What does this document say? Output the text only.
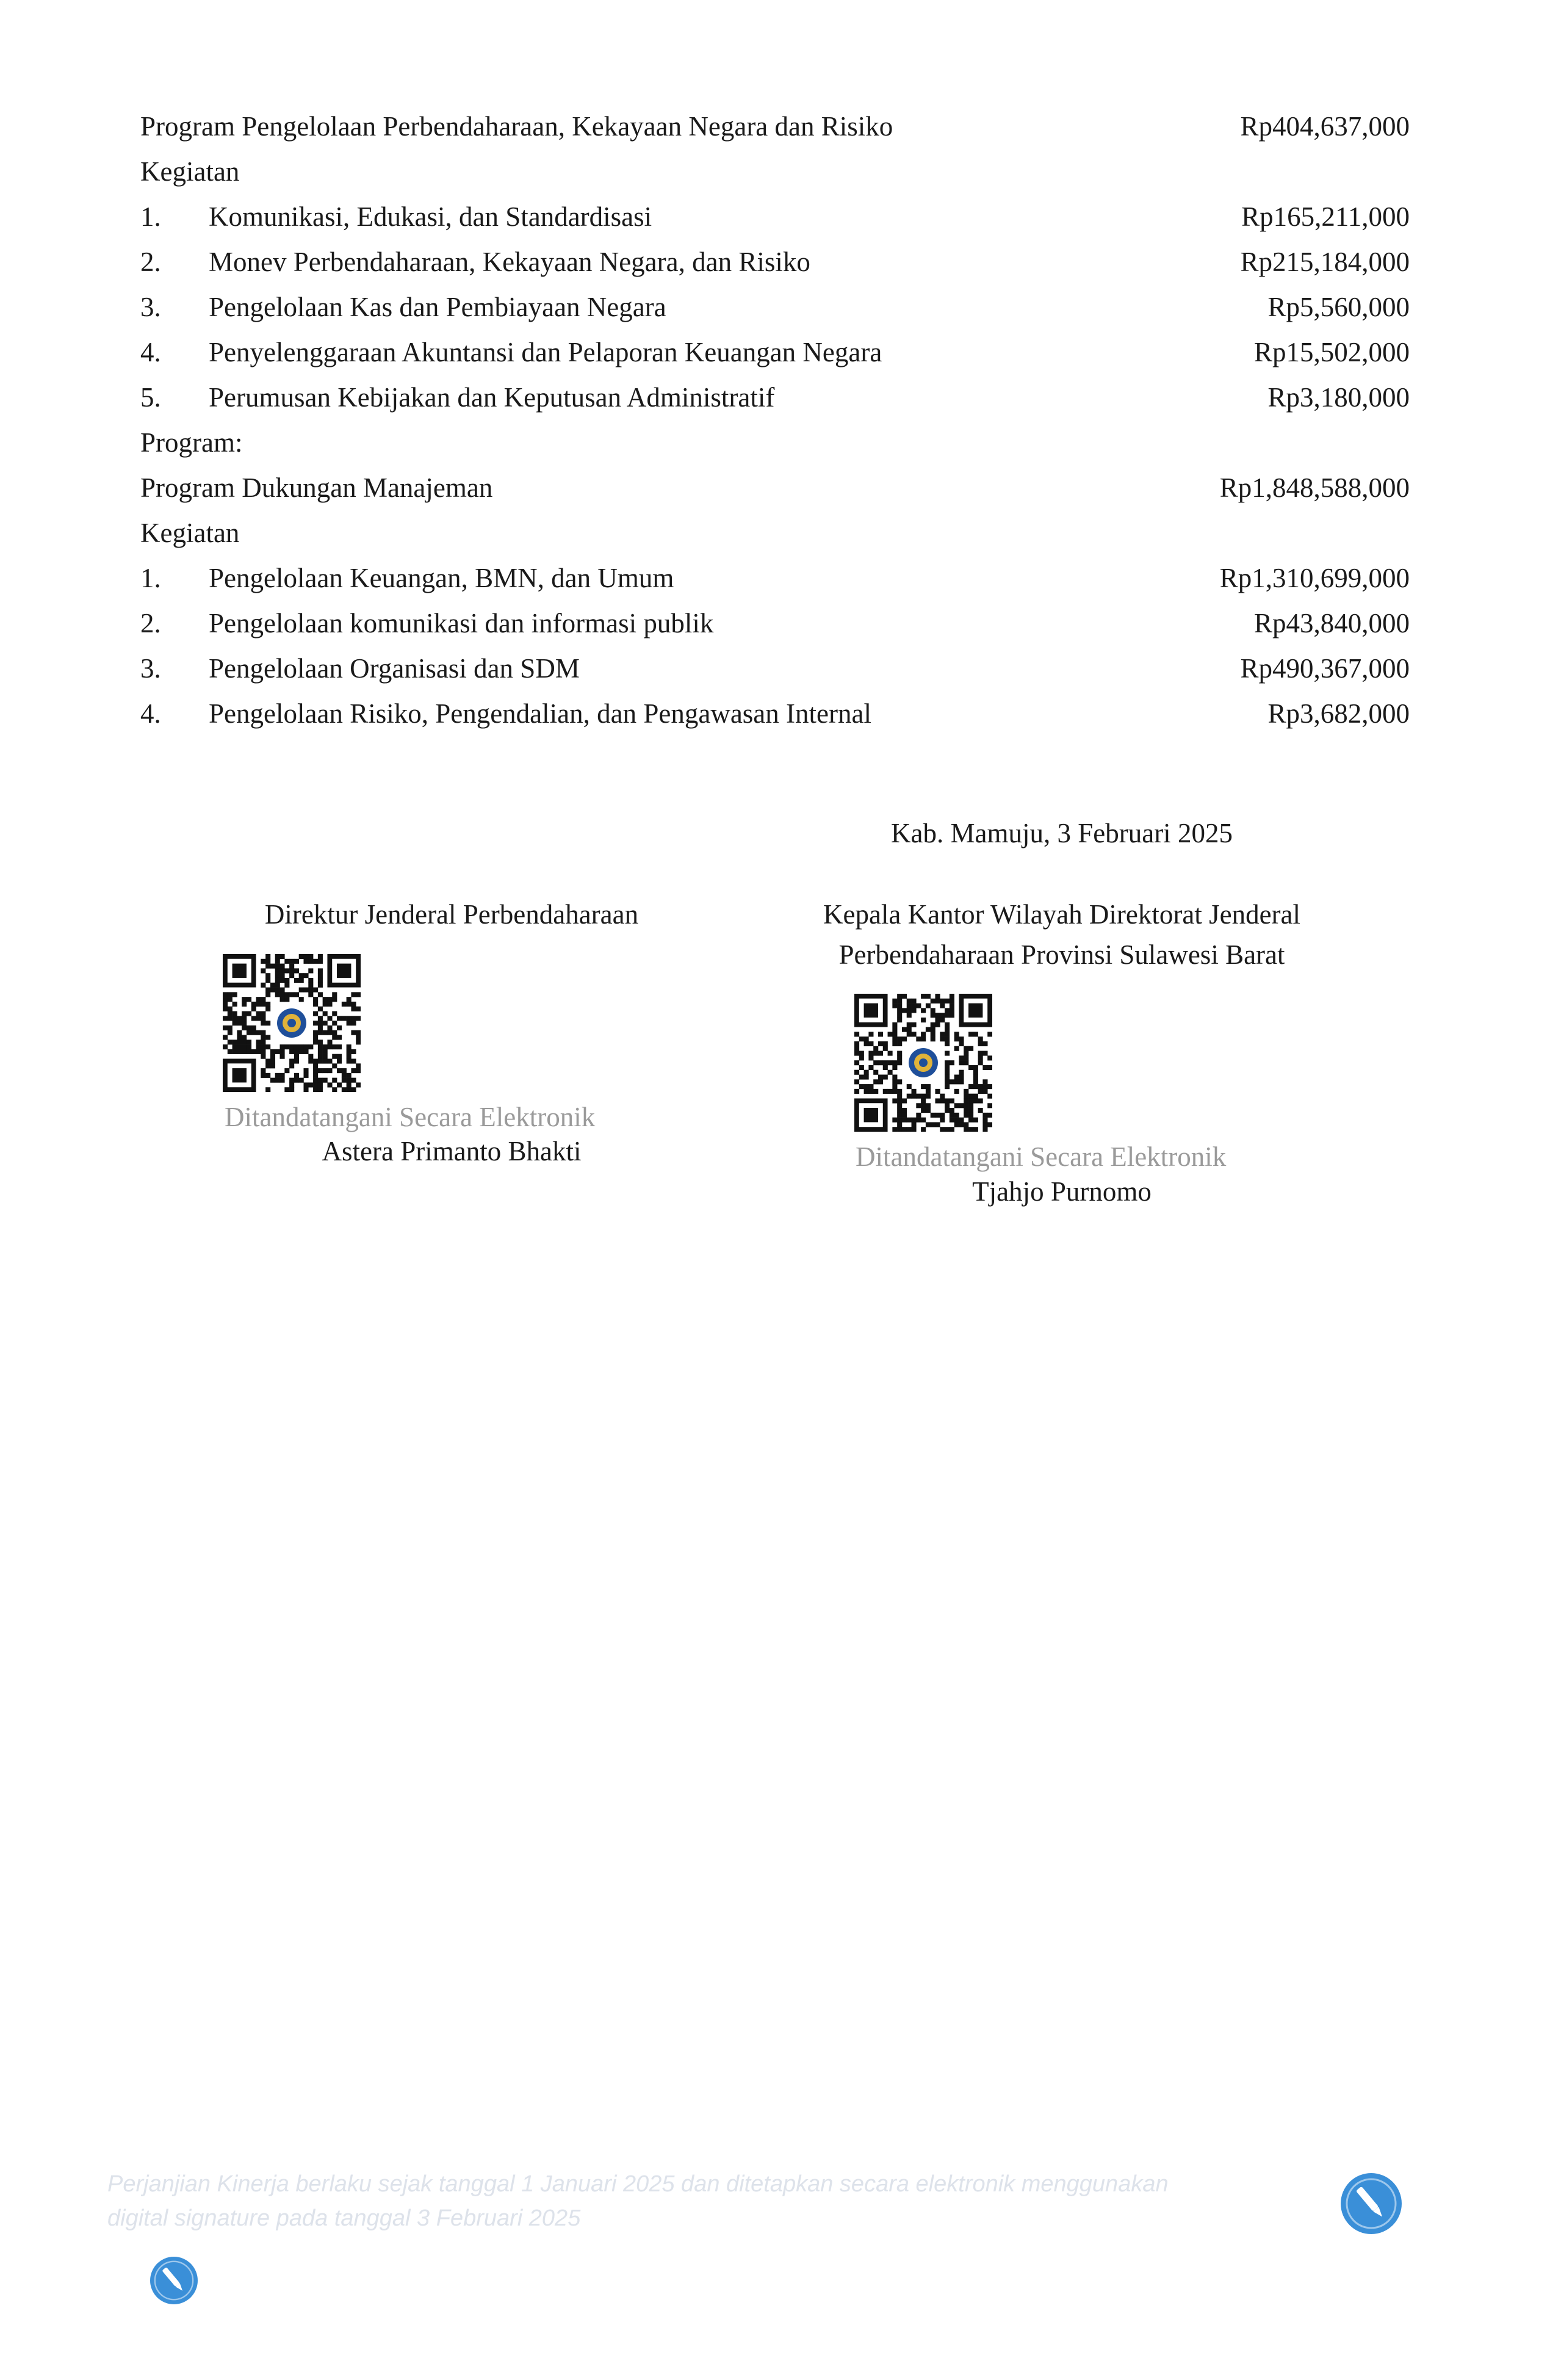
Program Pengelolaan Perbendaharaan, Kekayaan Negara dan Risiko	Rp404,637,000
Kegiatan
1.	Komunikasi, Edukasi, dan Standardisasi	Rp165,211,000
2.	Monev Perbendaharaan, Kekayaan Negara, dan Risiko	Rp215,184,000
3.	Pengelolaan Kas dan Pembiayaan Negara	Rp5,560,000
4.	Penyelenggaraan Akuntansi dan Pelaporan Keuangan Negara	Rp15,502,000
5.	Perumusan Kebijakan dan Keputusan Administratif	Rp3,180,000
Program:
Program Dukungan Manajeman	Rp1,848,588,000
Kegiatan
1.	Pengelolaan Keuangan, BMN, dan Umum	Rp1,310,699,000
2.	Pengelolaan komunikasi dan informasi publik	Rp43,840,000
3.	Pengelolaan Organisasi dan SDM	Rp490,367,000
4.	Pengelolaan Risiko, Pengendalian, dan Pengawasan Internal	Rp3,682,000
Kab. Mamuju, 3 Februari 2025
Direktur Jenderal Perbendaharaan
Ditandatangani Secara Elektronik
Astera Primanto Bhakti
Kepala Kantor Wilayah Direktorat Jenderal
Perbendaharaan Provinsi Sulawesi Barat
Ditandatangani Secara Elektronik
Tjahjo Purnomo
Perjanjian Kinerja berlaku sejak tanggal 1 Januari 2025 dan ditetapkan secara elektronik menggunakan
digital signature pada tanggal 3 Februari 2025
